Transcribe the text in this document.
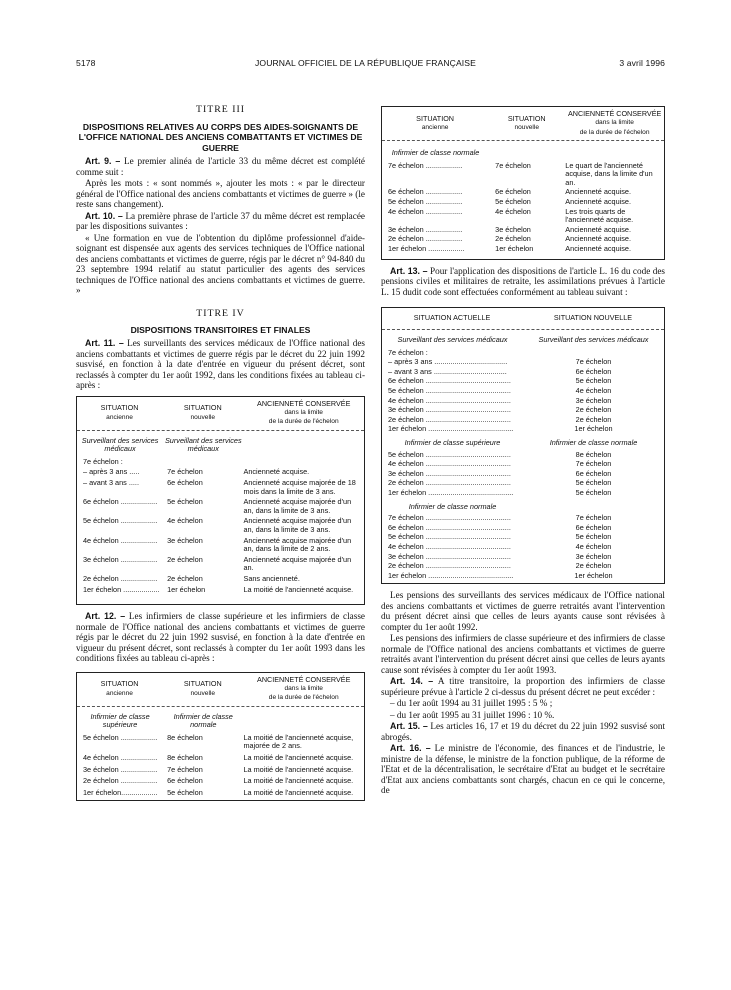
5178	JOURNAL OFFICIEL DE LA RÉPUBLIQUE FRANÇAISE	3 avril 1996
TITRE III
DISPOSITIONS RELATIVES AU CORPS DES AIDES-SOIGNANTS DE L'OFFICE NATIONAL DES ANCIENS COMBATTANTS ET VICTIMES DE GUERRE

Art. 9. – Le premier alinéa de l'article 33 du même décret est complété comme suit :

Après les mots : « sont nommés », ajouter les mots : « par le directeur général de l'Office national des anciens combattants et victimes de guerre » (le reste sans changement).

Art. 10. – La première phrase de l'article 37 du même décret est remplacée par les dispositions suivantes :

« Une formation en vue de l'obtention du diplôme professionnel d'aide-soignant est dispensée aux agents des services techniques de l'Office national des anciens combattants et victimes de guerre, régis par le décret n° 94-840 du 23 septembre 1994 relatif au statut particulier des agents des services techniques de l'Office national des anciens combattants et victimes de guerre. »

TITRE IV
DISPOSITIONS TRANSITOIRES ET FINALES

Art. 11. – Les surveillants des services médicaux de l'Office national des anciens combattants et victimes de guerre régis par le décret du 22 juin 1992 susvisé, en fonction à la date d'entrée en vigueur du présent décret, sont reclassés à compter du 1er août 1992, dans les conditions fixées au tableau ci-après :

SITUATION
ancienne
SITUATION
nouvelle
ANCIENNETÉ CONSERVÉE
dans la limite
de la durée de l'échelon
Surveillant des services médicaux
Surveillant des services médicaux
7e échelon :
– après 3 ans .....	7e échelon	Ancienneté acquise.
– avant 3 ans .....	6e échelon	Ancienneté acquise majorée de 18 mois dans la limite de 3 ans.
6e échelon ..................	5e échelon	Ancienneté acquise majorée d'un an, dans la limite de 3 ans.
5e échelon ..................	4e échelon	Ancienneté acquise majorée d'un an, dans la limite de 3 ans.
4e échelon ..................	3e échelon	Ancienneté acquise majorée d'un an, dans la limite de 2 ans.
3e échelon ..................	2e échelon	Ancienneté acquise majorée d'un an.
2e échelon ..................	2e échelon	Sans ancienneté.
1er échelon ..................	1er échelon	La moitié de l'ancienneté acquise.

Art. 12. – Les infirmiers de classe supérieure et les infirmiers de classe normale de l'Office national des anciens combattants et victimes de guerre régis par le décret du 22 juin 1992 susvisé, en fonction à la date d'entrée en vigueur du présent décret, sont reclassés à compter du 1er août 1993 dans les conditions fixées au tableau ci-après :

SITUATION
ancienne
SITUATION
nouvelle
ANCIENNETÉ CONSERVÉE
dans la limite
de la durée de l'échelon
Infirmier de classe supérieure
Infirmier de classe normale
5e échelon ..................	8e échelon	La moitié de l'ancienneté acquise, majorée de 2 ans.
4e échelon ..................	8e échelon	La moitié de l'ancienneté acquise.
3e échelon ..................	7e échelon	La moitié de l'ancienneté acquise.
2e échelon ..................	6e échelon	La moitié de l'ancienneté acquise.
1er échelon..................	5e échelon	La moitié de l'ancienneté acquise.
SITUATION
ancienne
SITUATION
nouvelle
ANCIENNETÉ CONSERVÉE
dans la limite
de la durée de l'échelon
Infirmier de classe normale
7e échelon ..................	7e échelon	Le quart de l'ancienneté acquise, dans la limite d'un an.
6e échelon ..................	6e échelon	Ancienneté acquise.
5e échelon ..................	5e échelon	Ancienneté acquise.
4e échelon ..................	4e échelon	Les trois quarts de l'ancienneté acquise.
3e échelon ..................	3e échelon	Ancienneté acquise.
2e échelon ..................	2e échelon	Ancienneté acquise.
1er échelon ..................	1er échelon	Ancienneté acquise.

Art. 13. – Pour l'application des dispositions de l'article L. 16 du code des pensions civiles et militaires de retraite, les assimilations prévues à l'article L. 15 dudit code sont effectuées conformément au tableau suivant :

SITUATION ACTUELLE	SITUATION NOUVELLE
Surveillant des services médicaux	Surveillant des services médicaux
7e échelon :
– après 3 ans ....................................	7e échelon
– avant 3 ans ....................................	6e échelon
6e échelon ..........................................	5e échelon
5e échelon ..........................................	4e échelon
4e échelon ..........................................	3e échelon
3e échelon ..........................................	2e échelon
2e échelon ..........................................	2e échelon
1er échelon ..........................................	1er échelon
Infirmier de classe supérieure	Infirmier de classe normale
5e échelon ..........................................	8e échelon
4e échelon ..........................................	7e échelon
3e échelon ..........................................	6e échelon
2e échelon ..........................................	5e échelon
1er échelon ..........................................	5e échelon
Infirmier de classe normale
7e échelon ..........................................	7e échelon
6e échelon ..........................................	6e échelon
5e échelon ..........................................	5e échelon
4e échelon ..........................................	4e échelon
3e échelon ..........................................	3e échelon
2e échelon ..........................................	2e échelon
1er échelon ..........................................	1er échelon

Les pensions des surveillants des services médicaux de l'Office national des anciens combattants et victimes de guerre retraités avant l'intervention du présent décret ainsi que celles de leurs ayants cause sont révisées à compter du 1er août 1992.

Les pensions des infirmiers de classe supérieure et des infirmiers de classe normale de l'Office national des anciens combattants et victimes de guerre retraités avant l'intervention du présent décret ainsi que celles de leurs ayants cause sont révisées à compter du 1er août 1993.

Art. 14. – A titre transitoire, la proportion des infirmiers de classe supérieure prévue à l'article 2 ci-dessus du présent décret ne peut excéder :

– du 1er août 1994 au 31 juillet 1995 : 5 % ;

– du 1er août 1995 au 31 juillet 1996 : 10 %.

Art. 15. – Les articles 16, 17 et 19 du décret du 22 juin 1992 susvisé sont abrogés.

Art. 16. – Le ministre de l'économie, des finances et de l'industrie, le ministre de la défense, le ministre de la fonction publique, de la réforme de l'Etat et de la décentralisation, le secrétaire d'Etat au budget et le secrétaire d'Etat aux anciens combattants sont chargés, chacun en ce qui le concerne, de
